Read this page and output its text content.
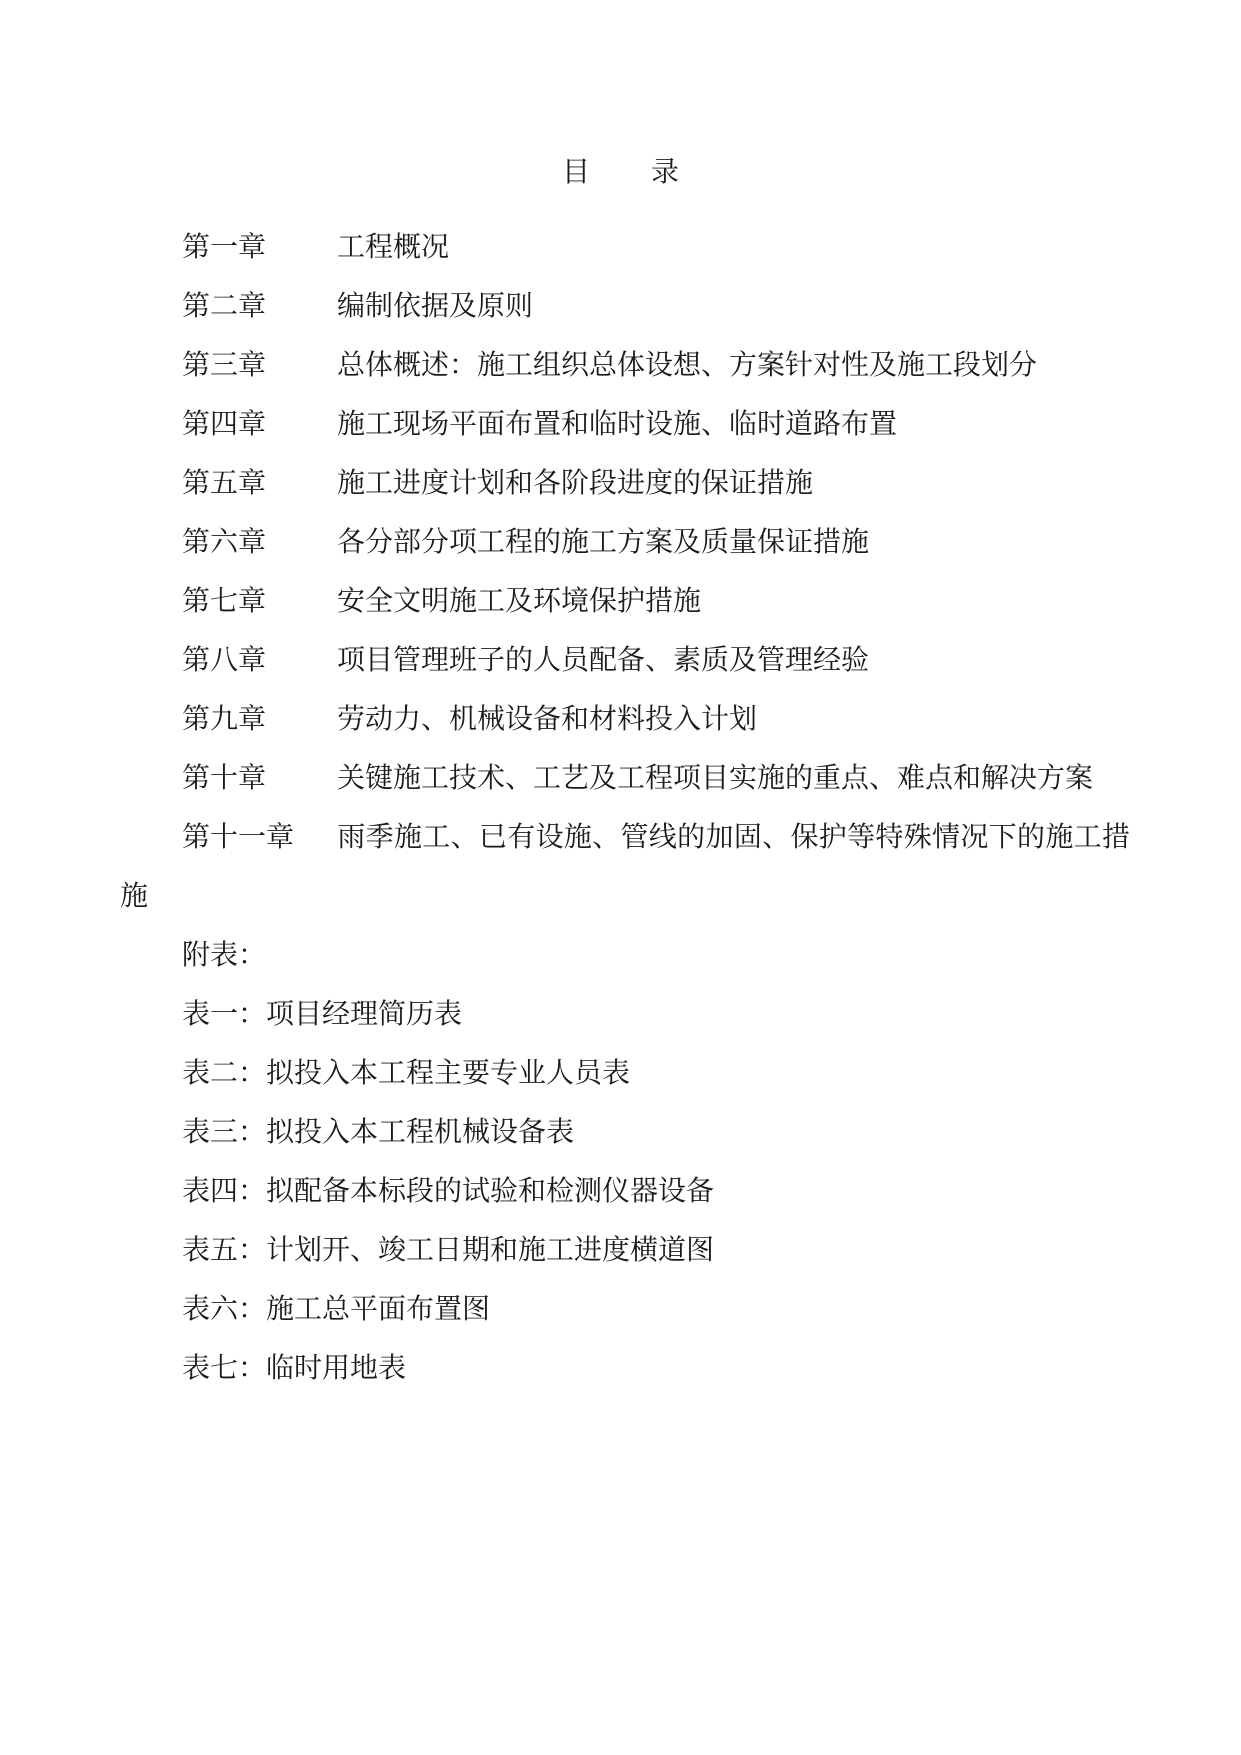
目 录
第一章	工程概况
第二章	编制依据及原则
第三章	总体概述：施工组织总体设想、方案针对性及施工段划分
第四章	施工现场平面布置和临时设施、临时道路布置
第五章	施工进度计划和各阶段进度的保证措施
第六章	各分部分项工程的施工方案及质量保证措施
第七章	安全文明施工及环境保护措施
第八章	项目管理班子的人员配备、素质及管理经验
第九章	劳动力、机械设备和材料投入计划
第十章	关键施工技术、工艺及工程项目实施的重点、难点和解决方案
第十一章 雨季施工、已有设施、管线的加固、保护等特殊情况下的施工措施
附表：
表一：项目经理简历表
表二：拟投入本工程主要专业人员表
表三：拟投入本工程机械设备表
表四：拟配备本标段的试验和检测仪器设备
表五：计划开、竣工日期和施工进度横道图
表六：施工总平面布置图
表七：临时用地表
